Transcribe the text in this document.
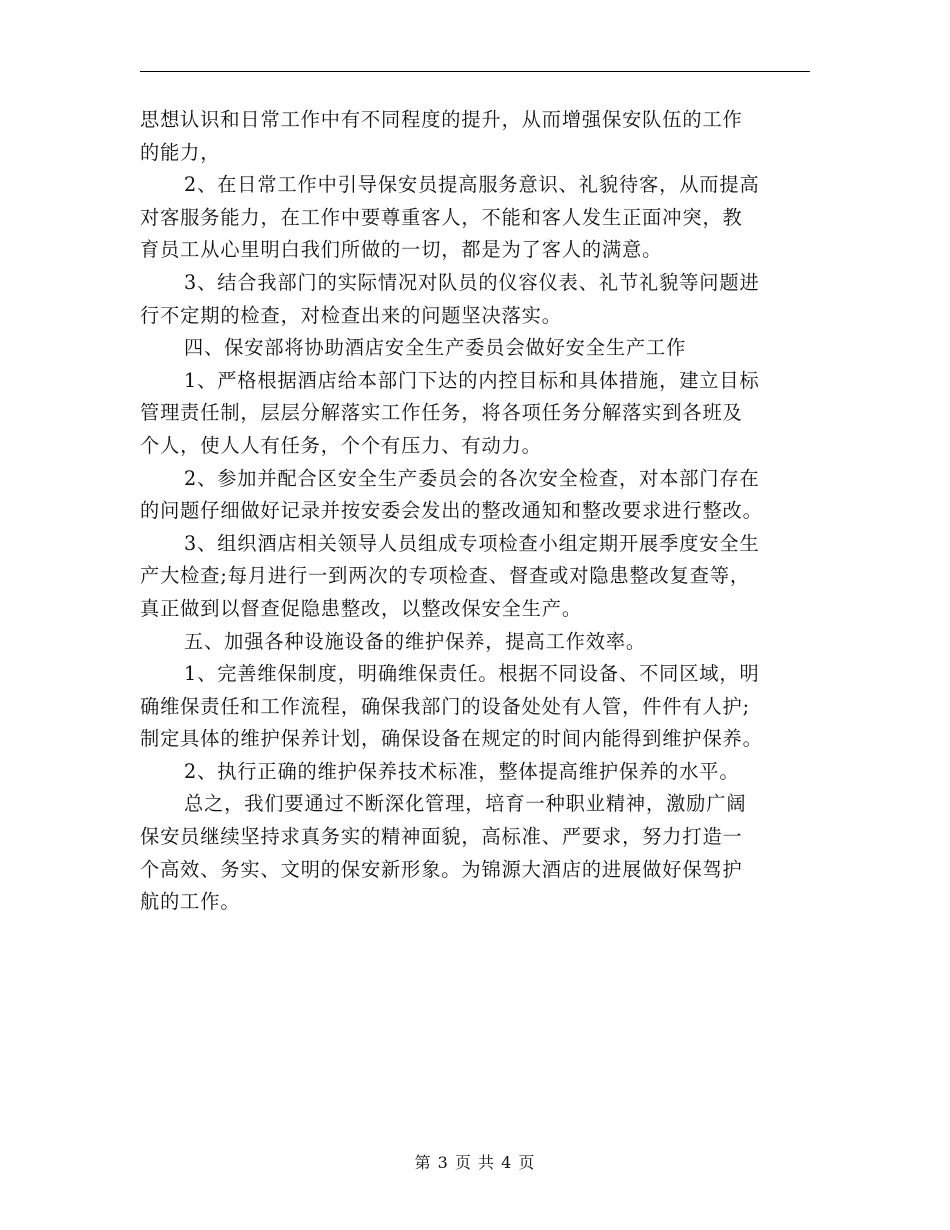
思想认识和日常工作中有不同程度的提升，从而增强保安队伍的工作
的能力，
2、在日常工作中引导保安员提高服务意识、礼貌待客，从而提高
对客服务能力，在工作中要尊重客人，不能和客人发生正面冲突，教
育员工从心里明白我们所做的一切，都是为了客人的满意。
3、结合我部门的实际情况对队员的仪容仪表、礼节礼貌等问题进
行不定期的检查，对检查出来的问题坚决落实。
四、保安部将协助酒店安全生产委员会做好安全生产工作
1、严格根据酒店给本部门下达的内控目标和具体措施，建立目标
管理责任制，层层分解落实工作任务，将各项任务分解落实到各班及
个人，使人人有任务，个个有压力、有动力。
2、参加并配合区安全生产委员会的各次安全检查，对本部门存在
的问题仔细做好记录并按安委会发出的整改通知和整改要求进行整改。
3、组织酒店相关领导人员组成专项检查小组定期开展季度安全生
产大检查;每月进行一到两次的专项检查、督查或对隐患整改复查等，
真正做到以督查促隐患整改，以整改保安全生产。
五、加强各种设施设备的维护保养，提高工作效率。
1、完善维保制度，明确维保责任。根据不同设备、不同区域，明
确维保责任和工作流程，确保我部门的设备处处有人管，件件有人护;
制定具体的维护保养计划，确保设备在规定的时间内能得到维护保养。
2、执行正确的维护保养技术标准，整体提高维护保养的水平。
总之，我们要通过不断深化管理，培育一种职业精神，激励广阔
保安员继续坚持求真务实的精神面貌，高标准、严要求，努力打造一
个高效、务实、文明的保安新形象。为锦源大酒店的进展做好保驾护
航的工作。
第 3 页 共 4 页
